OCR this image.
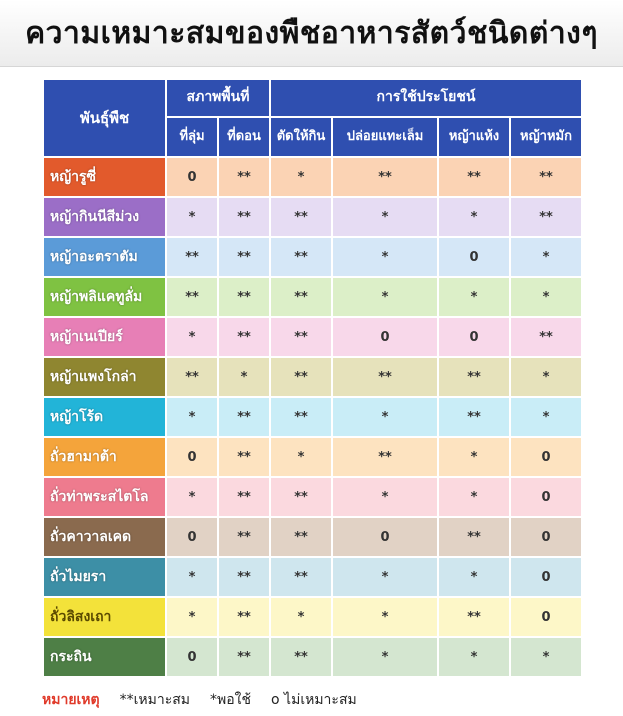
ความเหมาะสมของพืชอาหารสัตว์ชนิดต่างๆ
พันธุ์พืช	สภาพพื้นที่		การใช้ประโยชน์			
	ที่ลุ่ม	ที่ดอน	ตัดให้กิน	ปล่อยแทะเล็ม	หญ้าแห้ง	หญ้าหมัก
หญ้ารูซี่	0	**	*	**	**	**
หญ้ากินนีสีม่วง	*	**	**	*	*	**
หญ้าอะตราตัม	**	**	**	*	0	*
หญ้าพลิแคทูลั่ม	**	**	**	*	*	*
หญ้าเนเปียร์	*	**	**	0	0	**
หญ้าแพงโกล่า	**	*	**	**	**	*
หญ้าโร้ด	*	**	**	*	**	*
ถั่วฮามาต้า	0	**	*	**	*	0
ถั่วท่าพระสไตโล	*	**	**	*	*	0
ถั่วคาวาลเคด	0	**	**	0	**	0
ถั่วไมยรา	*	**	**	*	*	0
ถั่วลิสงเถา	*	**	*	*	**	0
กระถิน	0	**	**	*	*	*
หมายเหตุ **เหมาะสม *พอใช้ o ไม่เหมาะสม
